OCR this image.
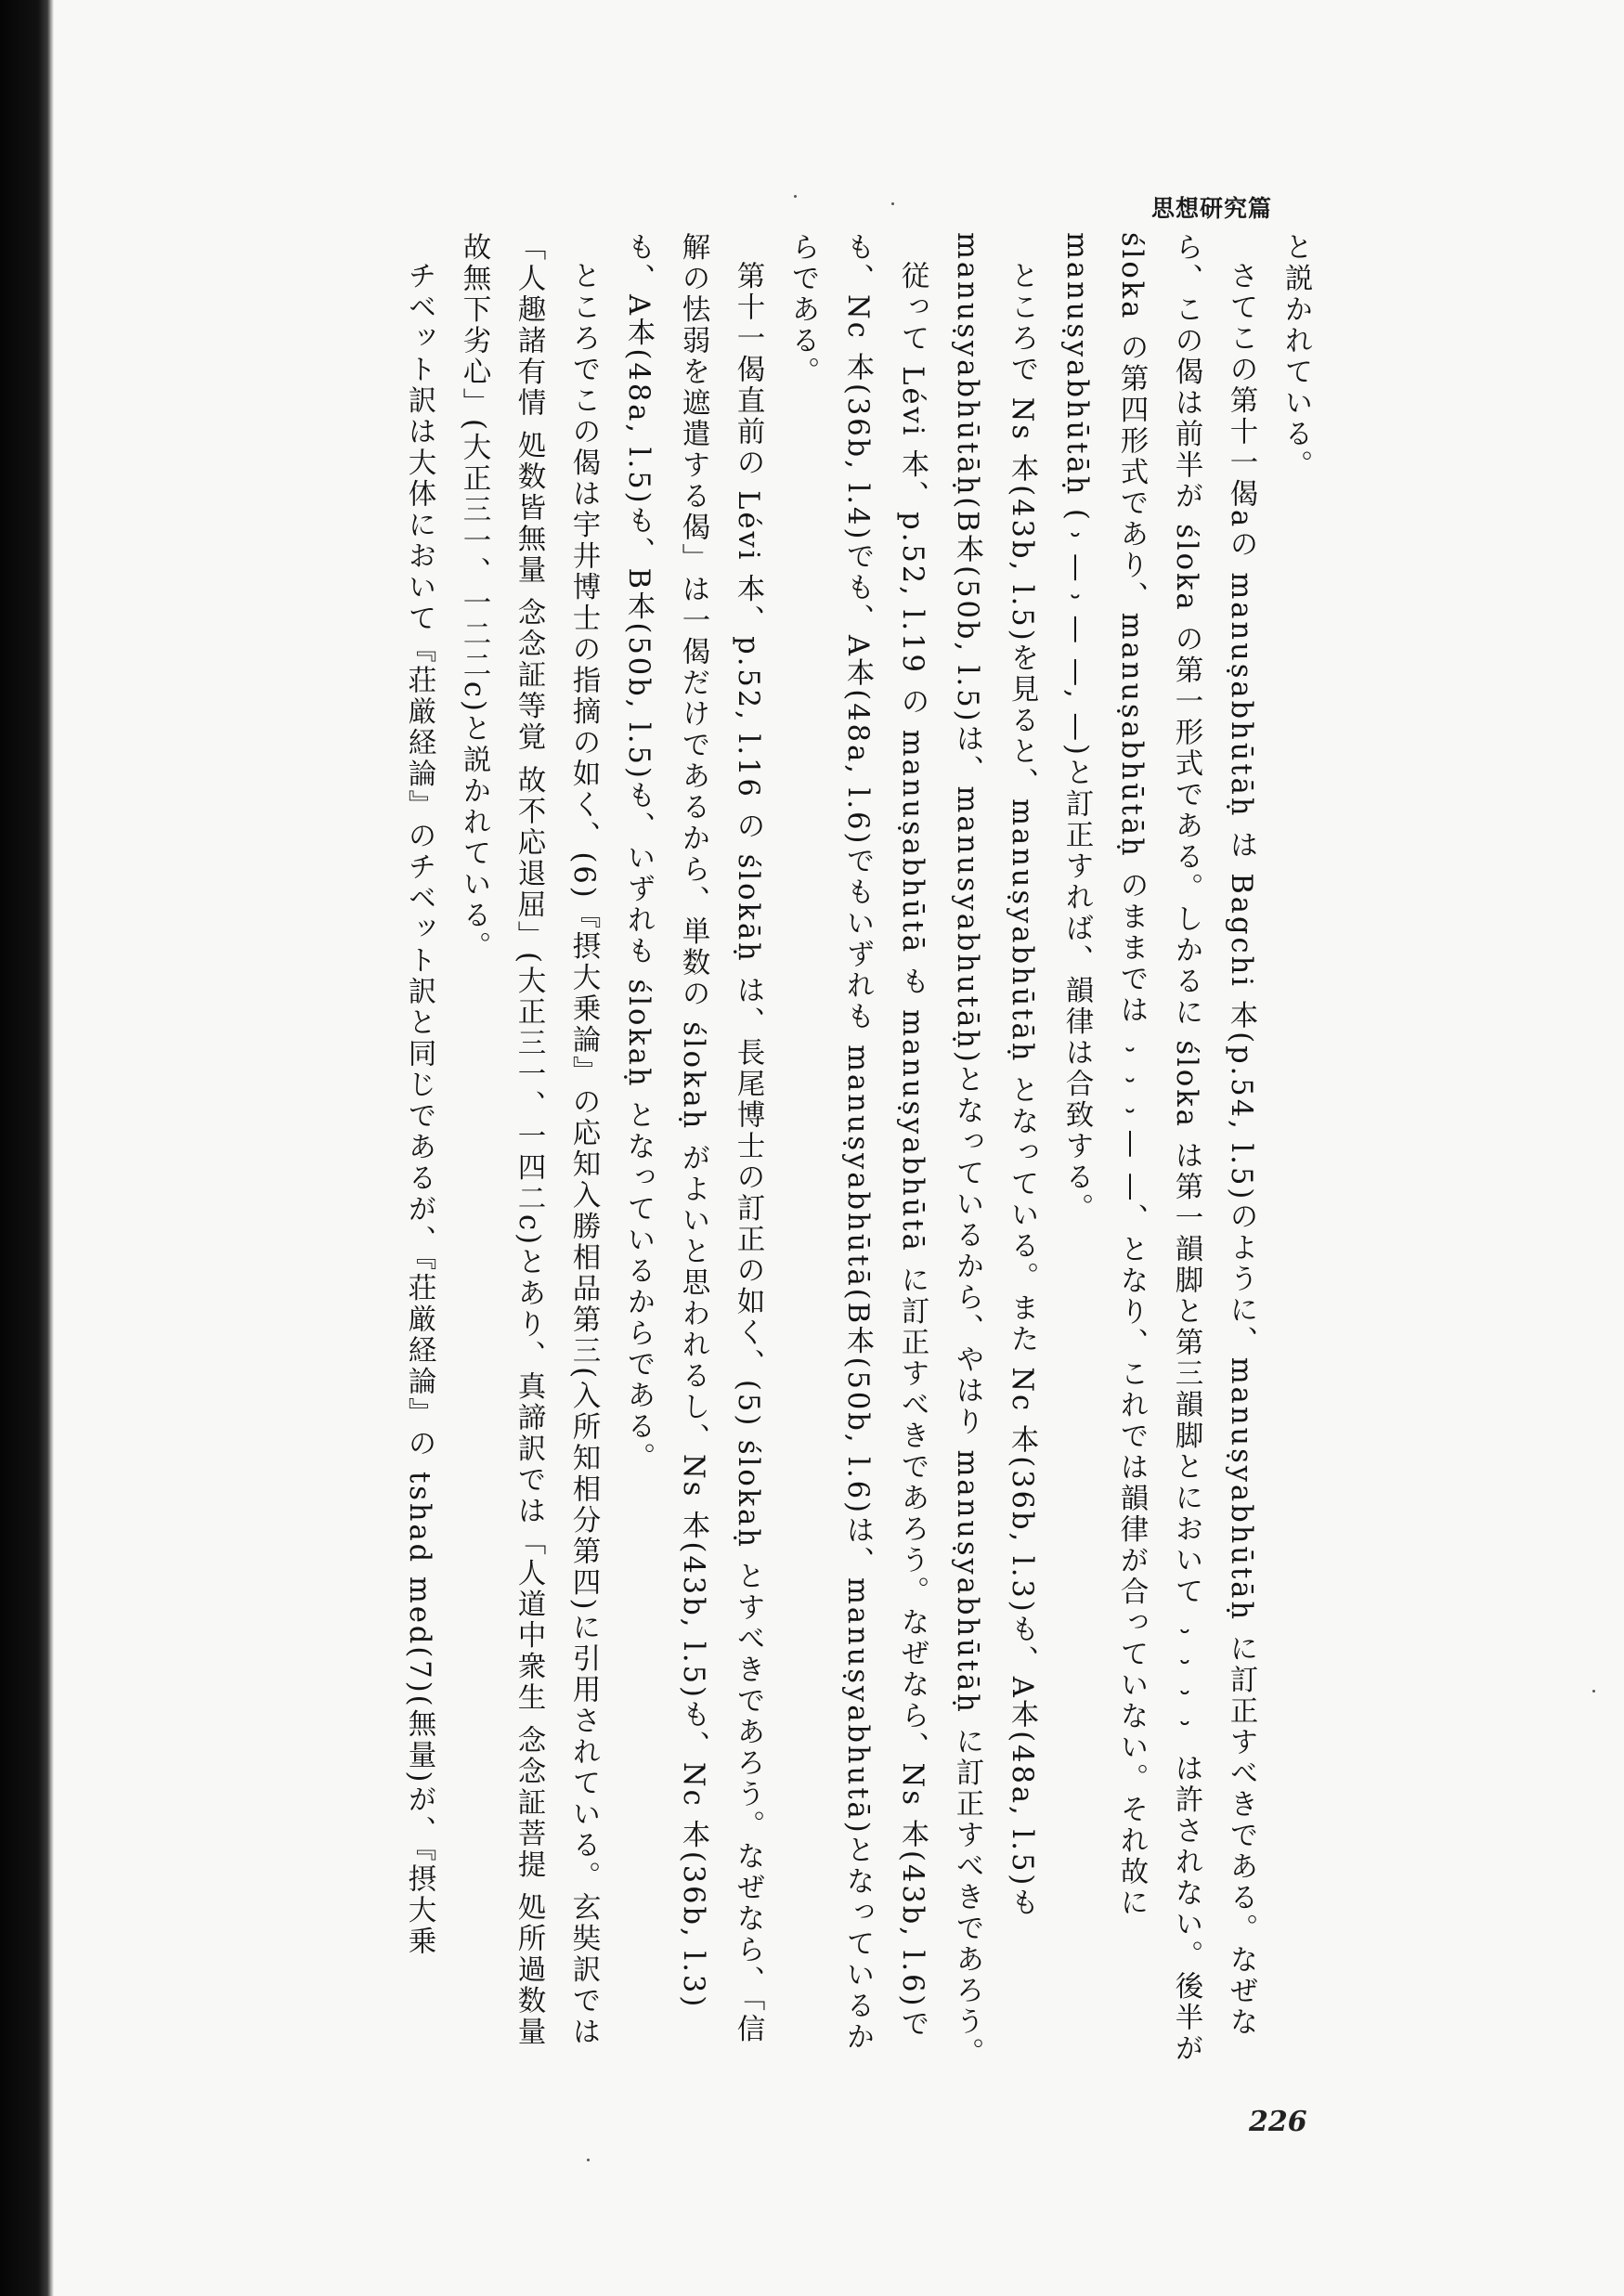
思想研究篇

と説かれている。

さてこの第十一偈aの manuṣabhūtāḥ は Bagchi 本(p.54, l.5)のように、manuṣyabhūtāḥ に訂正すべきである。なぜなら、この偈は前半が śloka の第一形式である。しかるに śloka は第一韻脚と第三韻脚とにおいて ⏑⏑⏑⏑ は許されない。後半が śloka の第四形式であり、manuṣabhūtāḥ のままでは ⏑⏑⏑— —、となり、これでは韻律が合っていない。それ故に manuṣyabhūtāḥ (⏑—⏑— —, —)と訂正すれば、韻律は合致する。

ところで Ns 本(43b, l.5)を見ると、manuṣyabhūtāḥ となっている。また Nc 本(36b, l.3)も、A本(48a, l.5)も manuṣyabhūtāḥ(B本(50b, l.5)は、manusyabhutāḥ)となっているから、やはり manuṣyabhūtāḥ に訂正すべきであろう。

従って Lévi 本、p.52, l.19 の manuṣabhūtā も manuṣyabhūtā に訂正すべきであろう。なぜなら、Ns 本(43b, l.6)でも、Nc 本(36b, l.4)でも、A本(48a, l.6)でもいずれも manuṣyabhūtā(B本(50b, l.6)は、manuṣyabhutā)となっているからである。

第十一偈直前の Lévi 本、p.52, l.16 の ślokāḥ は、長尾博士の訂正の如く、(5) ślokaḥ とすべきであろう。なぜなら、「信解の怯弱を遮遣する偈」は一偈だけであるから、単数の ślokaḥ がよいと思われるし、Ns 本(43b, l.5)も、Nc 本(36b, l.3)も、A本(48a, l.5)も、B本(50b, l.5)も、いずれも ślokaḥ となっているからである。

ところでこの偈は宇井博士の指摘の如く、(6)『摂大乗論』の応知入勝相品第三(入所知相分第四)に引用されている。玄奘訳では「人趣諸有情 処数皆無量 念念証等覚 故不応退屈」(大正三一、一四二c)とあり、真諦訳では「人道中衆生 念念証菩提 処所過数量 故無下劣心」(大正三一、一二二c)と説かれている。

チベット訳は大体において『荘厳経論』のチベット訳と同じであるが、『荘厳経論』の tshad med(7)(無量)が、『摂大乗

226
